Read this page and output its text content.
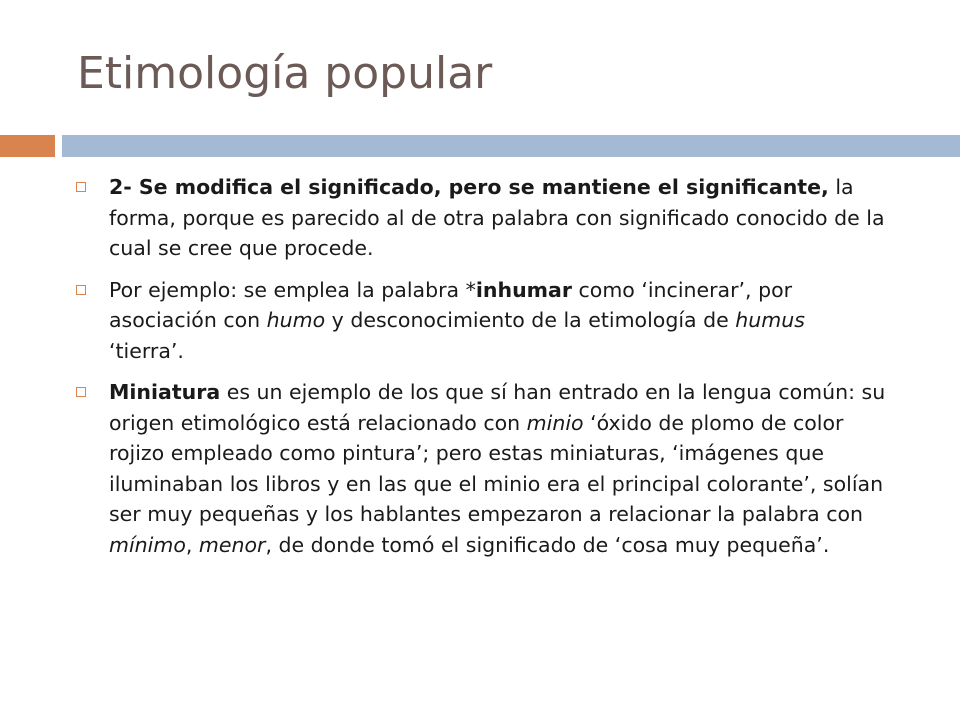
Etimología popular
2- Se modifica el significado, pero se mantiene el significante, la forma, porque es parecido al de otra palabra con significado conocido de la cual se cree que procede.
Por ejemplo: se emplea la palabra *inhumar como ‘incinerar’, por asociación con humo y desconocimiento de la etimología de humus ‘tierra’.
Miniatura es un ejemplo de los que sí han entrado en la lengua común: su origen etimológico está relacionado con minio ‘óxido de plomo de color rojizo empleado como pintura’; pero estas miniaturas, ‘imágenes que iluminaban los libros y en las que el minio era el principal colorante’, solían ser muy pequeñas y los hablantes empezaron a relacionar la palabra con mínimo, menor, de donde tomó el significado de ‘cosa muy pequeña’.
